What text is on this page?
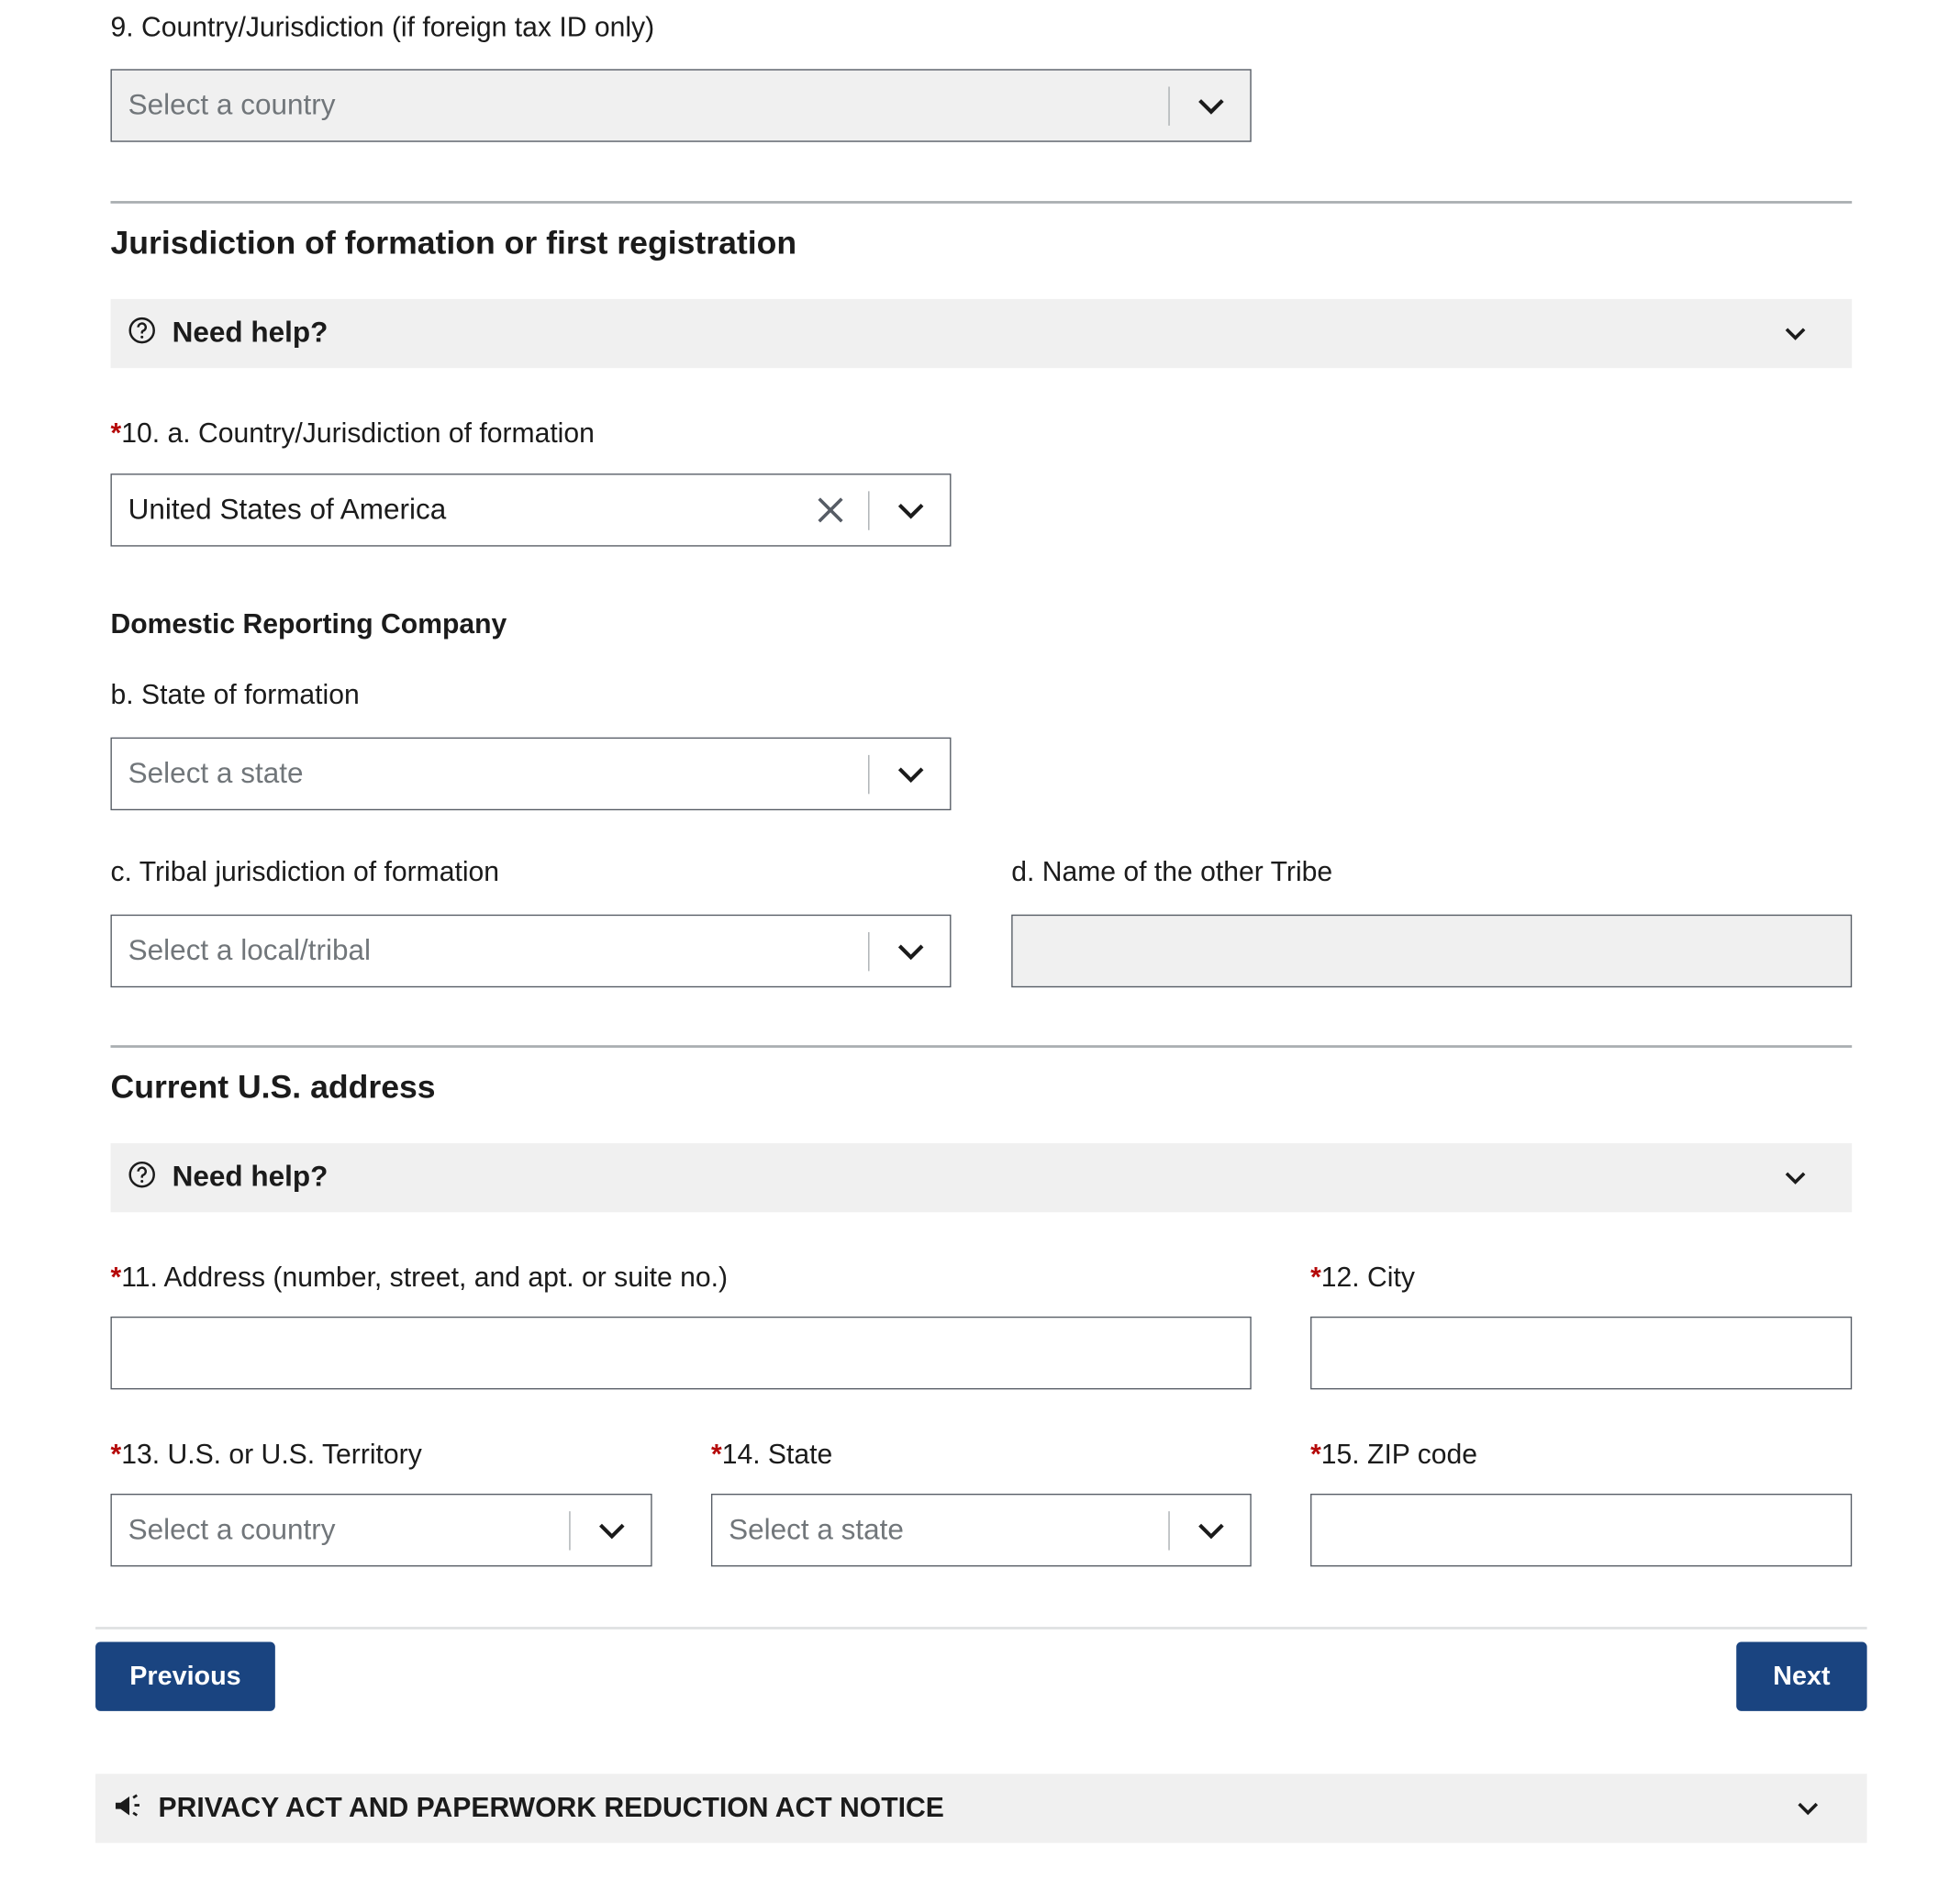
9. Country/Jurisdiction (if foreign tax ID only)
Select a country
Jurisdiction of formation or first registration
Need help?
*10. a. Country/Jurisdiction of formation
United States of America
Domestic Reporting Company
b. State of formation
Select a state
c. Tribal jurisdiction of formation	d. Name of the other Tribe
Select a local/tribal
Current U.S. address
Need help?
*11. Address (number, street, and apt. or suite no.)	*12. City
*13. U.S. or U.S. Territory	*14. State	*15. ZIP code
Select a country	Select a state
Previous	Next
PRIVACY ACT AND PAPERWORK REDUCTION ACT NOTICE
